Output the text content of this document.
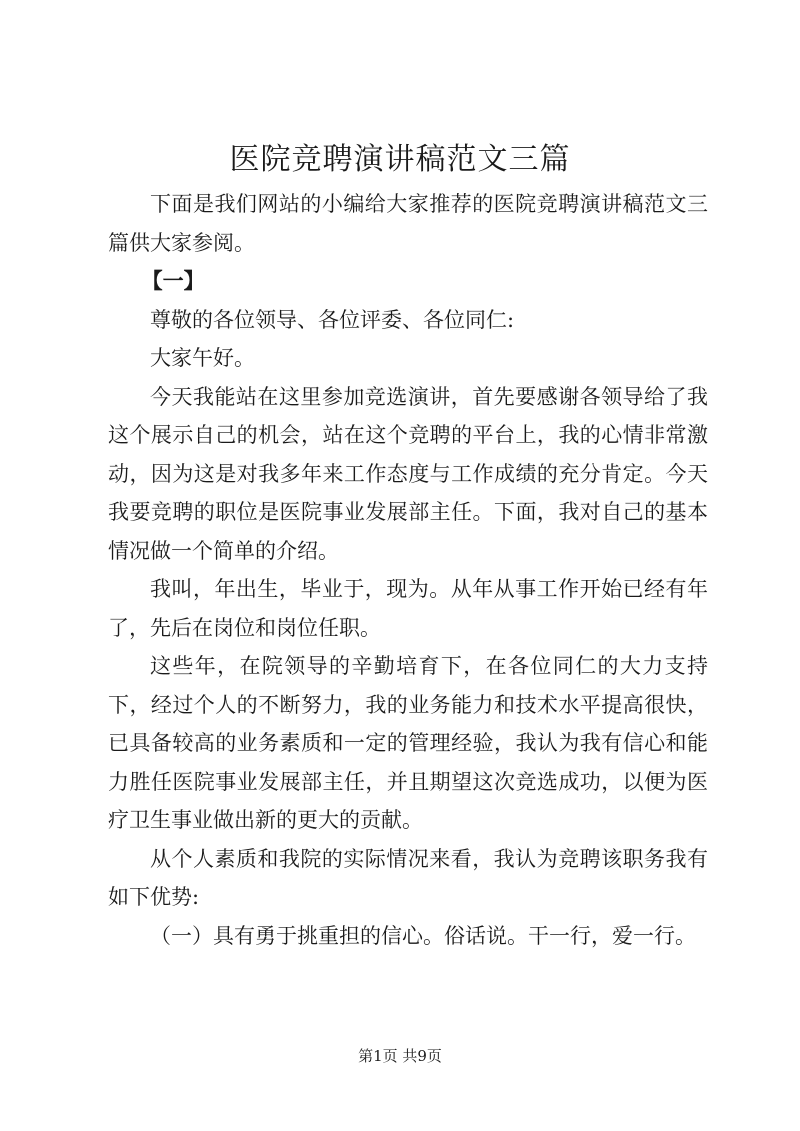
医院竞聘演讲稿范文三篇

下面是我们网站的小编给大家推荐的医院竞聘演讲稿范文三篇供大家参阅。

【一】

尊敬的各位领导、各位评委、各位同仁:

大家午好。

今天我能站在这里参加竞选演讲，首先要感谢各领导给了我这个展示自己的机会，站在这个竞聘的平台上，我的心情非常激动，因为这是对我多年来工作态度与工作成绩的充分肯定。今天我要竞聘的职位是医院事业发展部主任。下面，我对自己的基本情况做一个简单的介绍。

我叫，年出生，毕业于，现为。从年从事工作开始已经有年了，先后在岗位和岗位任职。

这些年，在院领导的辛勤培育下，在各位同仁的大力支持下，经过个人的不断努力，我的业务能力和技术水平提高很快，已具备较高的业务素质和一定的管理经验，我认为我有信心和能力胜任医院事业发展部主任，并且期望这次竞选成功，以便为医疗卫生事业做出新的更大的贡献。

从个人素质和我院的实际情况来看，我认为竞聘该职务我有如下优势:

（一）具有勇于挑重担的信心。俗话说。干一行，爱一行。

第1页 共9页
